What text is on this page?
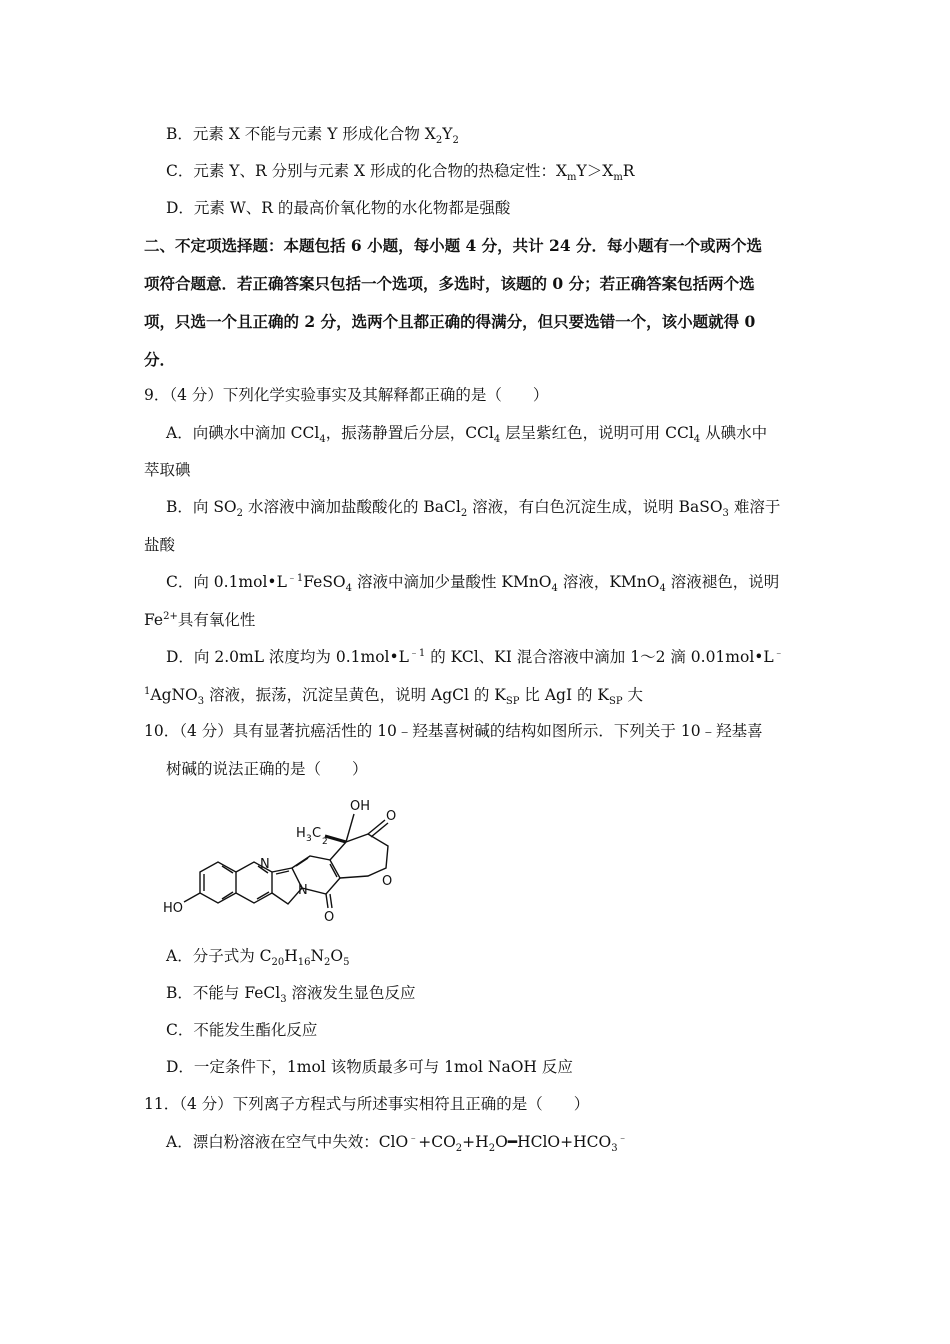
B．元素 X 不能与元素 Y 形成化合物 $X_2Y_2$
C．元素 Y、R 分别与元素 X 形成的化合物的热稳定性：$X_mY>X_mR$
D．元素 W、R 的最高价氧化物的水化物都是强酸
二、不定项选择题：本题包括 6 小题，每小题 4 分，共计 24 分．每小题有一个或两个选
项符合题意．若正确答案只包括一个选项，多选时，该题的 0 分；若正确答案包括两个选
项，只选一个且正确的 2 分，选两个且都正确的得满分，但只要选错一个，该小题就得 0
分．
9．（4 分）下列化学实验事实及其解释都正确的是（　　）
A．向碘水中滴加 CCl$_4$，振荡静置后分层，CCl$_4$ 层呈紫红色，说明可用 CCl$_4$ 从碘水中
萃取碘
B．向 $SO_2$ 水溶液中滴加盐酸酸化的 BaCl$_2$ 溶液，有白色沉淀生成，说明 BaSO$_3$ 难溶于
盐酸
C．向 $0.1mol•L^{﹣1}FeSO_4$ 溶液中滴加少量酸性 KMnO$_4$ 溶液，KMnO$_4$ 溶液褪色，说明
$Fe^{2+}$具有氧化性
D．向 2.0mL 浓度均为 $0.1mol•L^{﹣1}$ 的 KCl、KI 混合溶液中滴加 1～2 滴 0.01mol•L﹣
$^1$AgNO$_3$ 溶液，振荡，沉淀呈黄色，说明 AgCl 的 $K_{SP}$ 比 AgI 的 $K_{SP}$ 大
10．（4 分）具有显著抗癌活性的 10﹣羟基喜树碱的结构如图所示．下列关于 10﹣羟基喜
树碱的说法正确的是（　　）
OH
H 3 C
2
O
O
N
N
O
HO
A．分子式为 $C_{20}H_{16}N_2O_5$
B．不能与 FeCl$_3$ 溶液发生显色反应
C．不能发生酯化反应
D．一定条件下，1mol 该物质最多可与 1mol NaOH 反应
11．（4 分）下列离子方程式与所述事实相符且正确的是（　　）
A．漂白粉溶液在空气中失效：$ClO^﹣+CO_2+H_2O━HClO+HCO_3^﹣$
